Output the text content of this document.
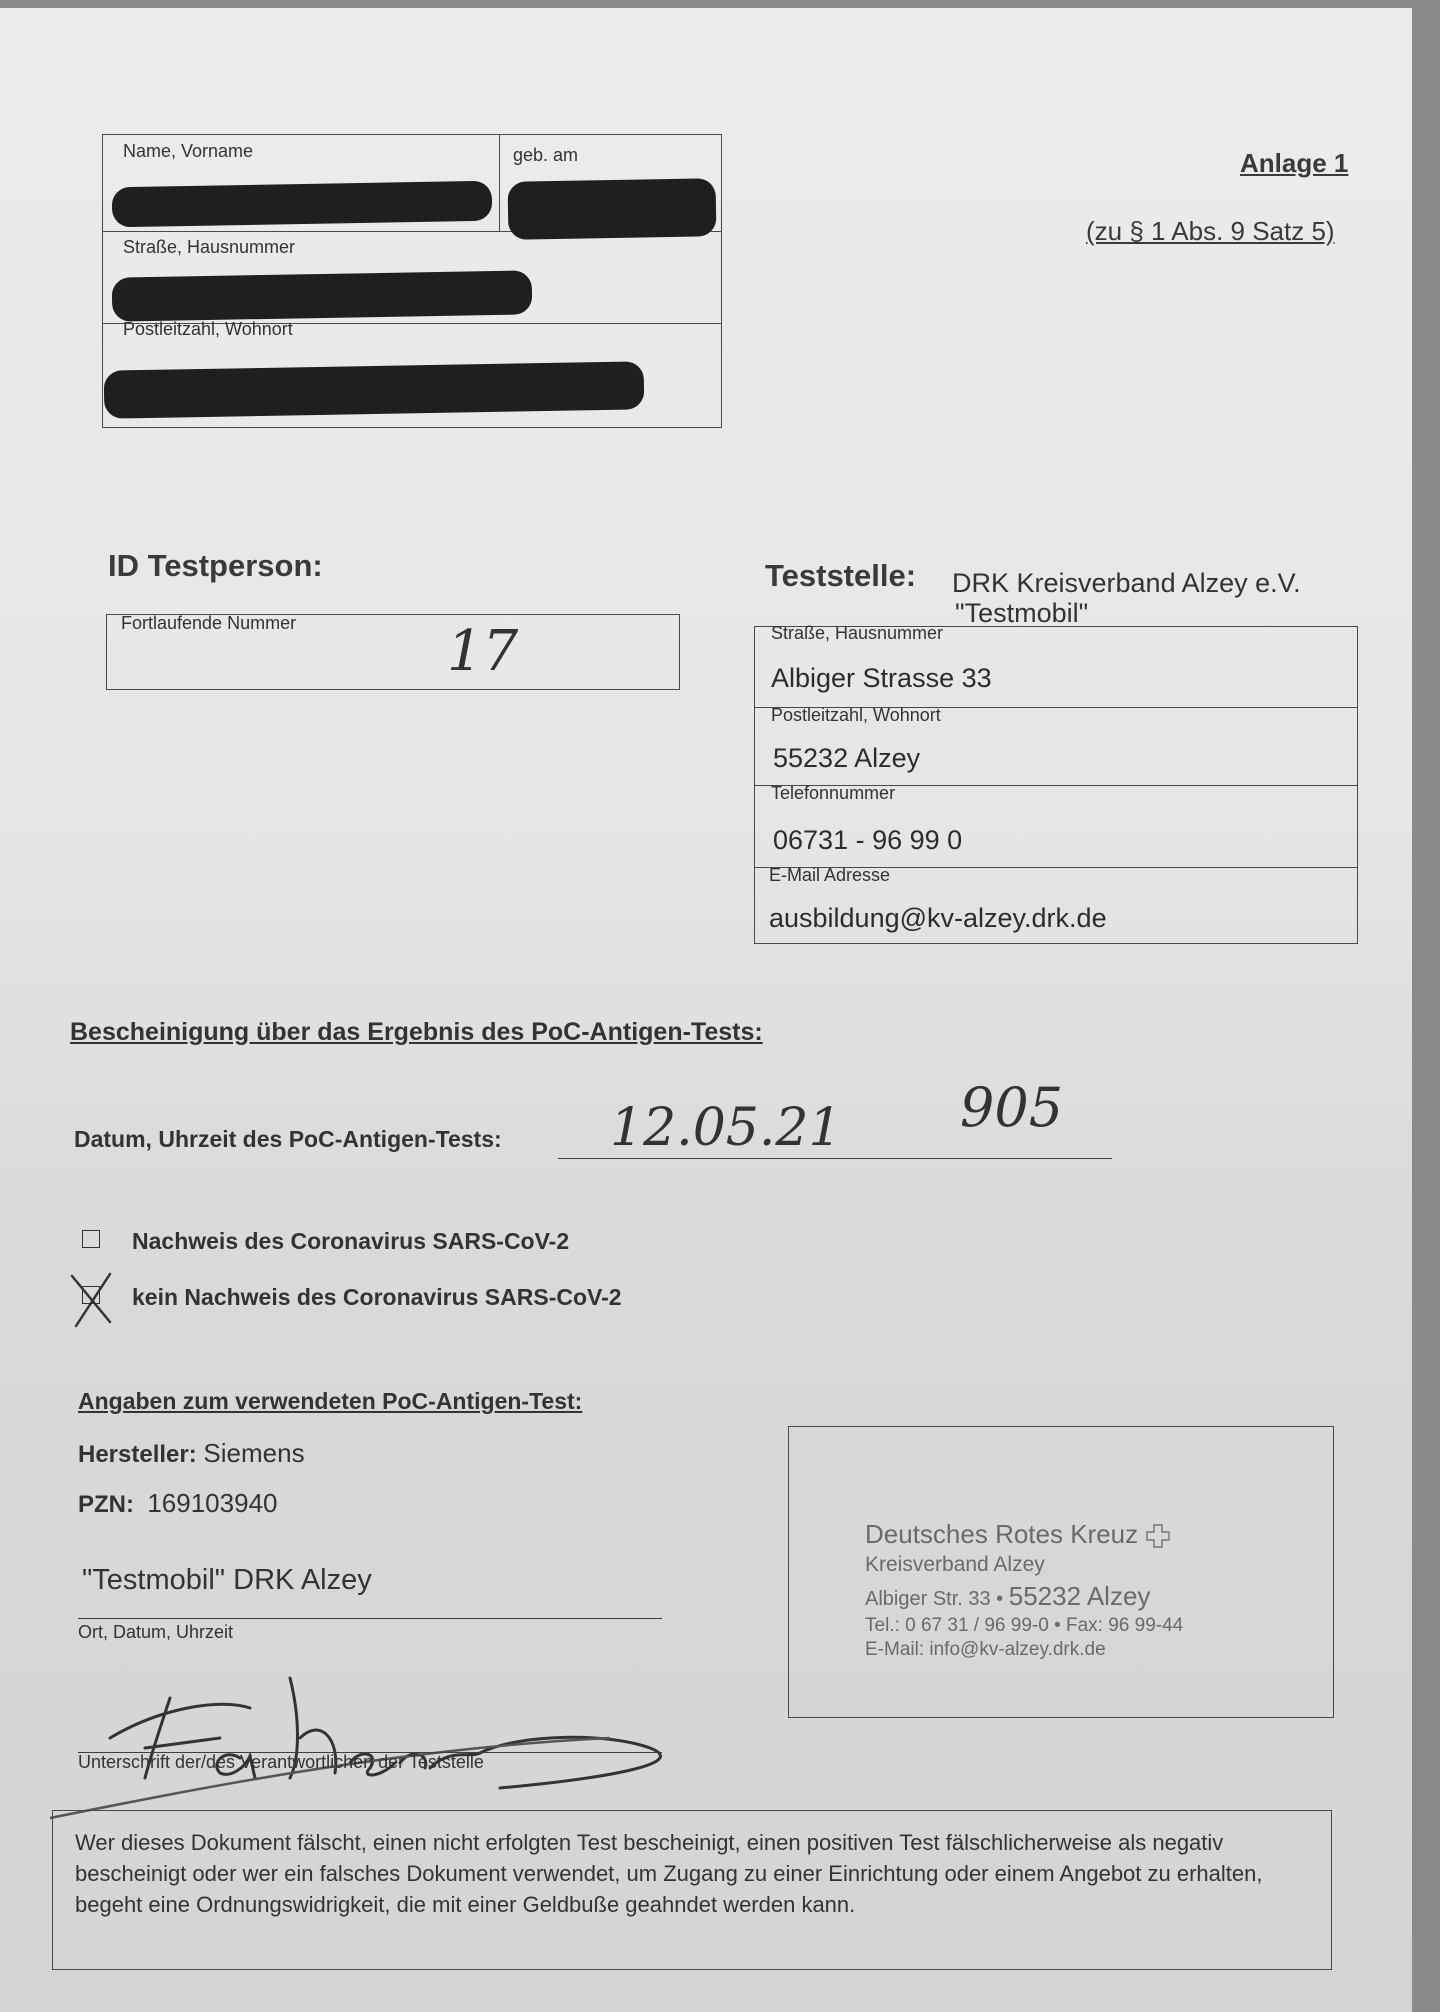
Anlage 1
(zu § 1 Abs. 9 Satz 5)
Name, Vorname	geb. am
Straße, Hausnummer
Postleitzahl, Wohnort
ID Testperson:
Fortlaufende Nummer	17
Teststelle: DRK Kreisverband Alzey e.V.
"Testmobil"
Straße, Hausnummer
Albiger Strasse 33
Postleitzahl, Wohnort
55232 Alzey
Telefonnummer
06731 - 96 99 0
E-Mail Adresse
ausbildung@kv-alzey.drk.de
Bescheinigung über das Ergebnis des PoC-Antigen-Tests:
Datum, Uhrzeit des PoC-Antigen-Tests: 12.05.21 905
Nachweis des Coronavirus SARS-CoV-2
kein Nachweis des Coronavirus SARS-CoV-2
Angaben zum verwendeten PoC-Antigen-Test:
Hersteller: Siemens
PZN: 169103940
"Testmobil" DRK Alzey
Ort, Datum, Uhrzeit
Unterschrift der/des Verantwortlichen der Teststelle
Deutsches Rotes Kreuz
Kreisverband Alzey
Albiger Str. 33 • 55232 Alzey
Tel.: 0 67 31 / 96 99-0 • Fax: 96 99-44
E-Mail: info@kv-alzey.drk.de
Wer dieses Dokument fälscht, einen nicht erfolgten Test bescheinigt, einen positiven Test fälschlicherweise als negativ bescheinigt oder wer ein falsches Dokument verwendet, um Zugang zu einer Einrichtung oder einem Angebot zu erhalten, begeht eine Ordnungswidrigkeit, die mit einer Geldbuße geahndet werden kann.
